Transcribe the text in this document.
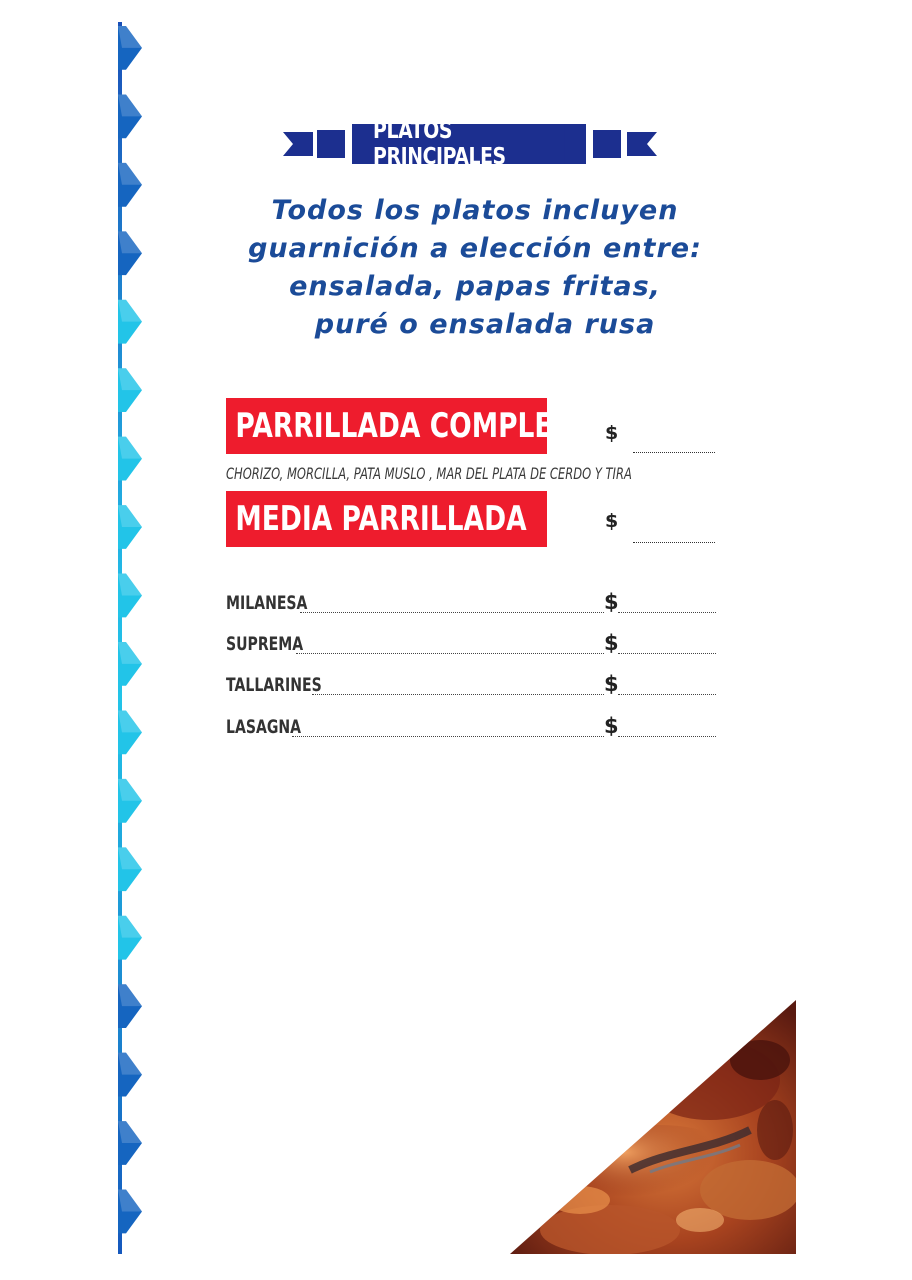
PLATOS PRINCIPALES
Todos los platos incluyen
guarnición a elección entre:
ensalada, papas fritas,
puré o ensalada rusa
PARRILLADA COMPLETA $
CHORIZO, MORCILLA, PATA MUSLO , MAR DEL PLATA DE CERDO Y TIRA
MEDIA PARRILLADA	$
MILANESA	$
SUPREMA	$
TALLARINES	$
LASAGNA	$
